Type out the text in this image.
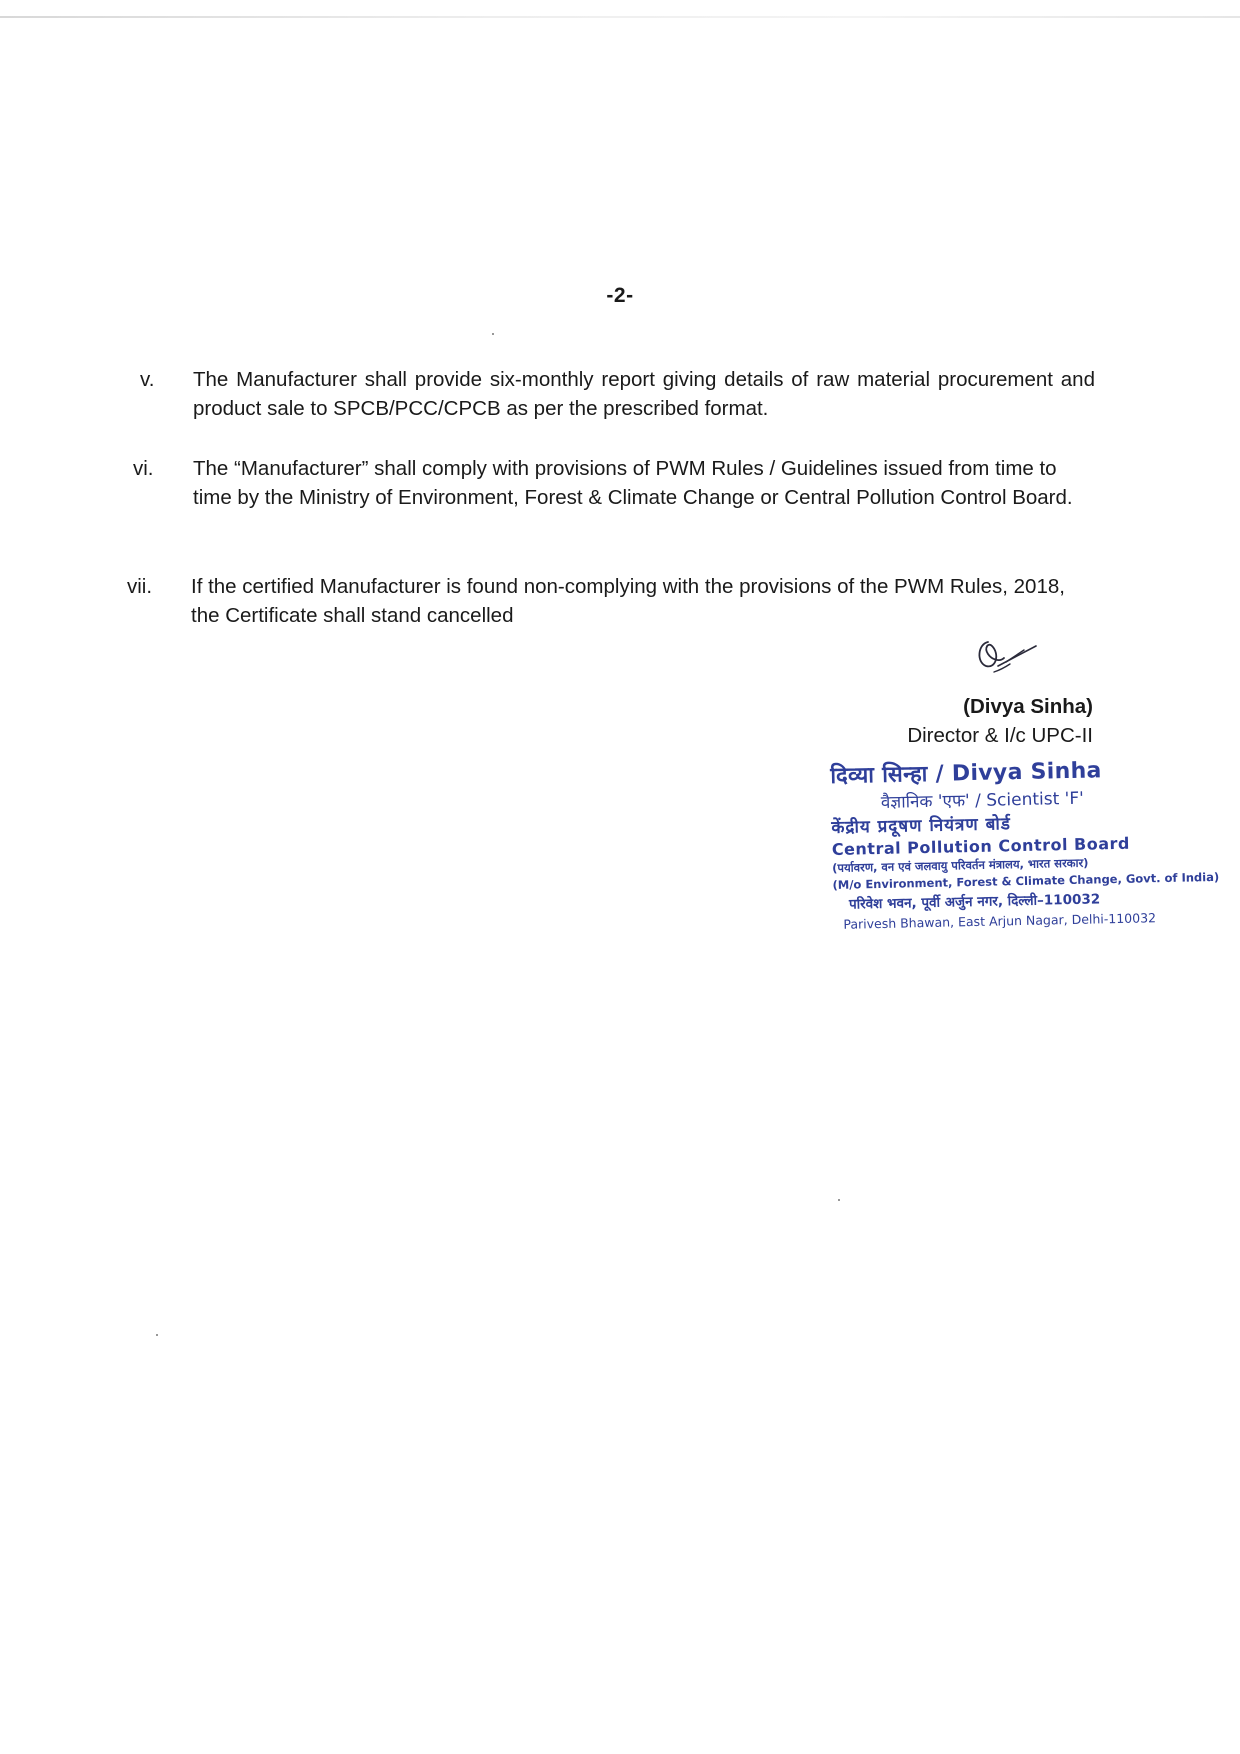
-2-
v.	The Manufacturer shall provide six-monthly report giving details of raw material procurement and product sale to SPCB/PCC/CPCB as per the prescribed format.
vi.	The “Manufacturer” shall comply with provisions of PWM Rules / Guidelines issued from time to time by the Ministry of Environment, Forest & Climate Change or Central Pollution Control Board.
vii.	If the certified Manufacturer is found non-complying with the provisions of the PWM Rules, 2018, the Certificate shall stand cancelled
(Divya Sinha)
Director & I/c UPC-II
दिव्या सिन्हा / Divya Sinha
वैज्ञानिक 'एफ' / Scientist 'F'
केंद्रीय प्रदूषण नियंत्रण बोर्ड
Central Pollution Control Board
(पर्यावरण, वन एवं जलवायु परिवर्तन मंत्रालय, भारत सरकार)
(M/o Environment, Forest & Climate Change, Govt. of India)
परिवेश भवन, पूर्वी अर्जुन नगर, दिल्ली–110032
Parivesh Bhawan, East Arjun Nagar, Delhi-110032
